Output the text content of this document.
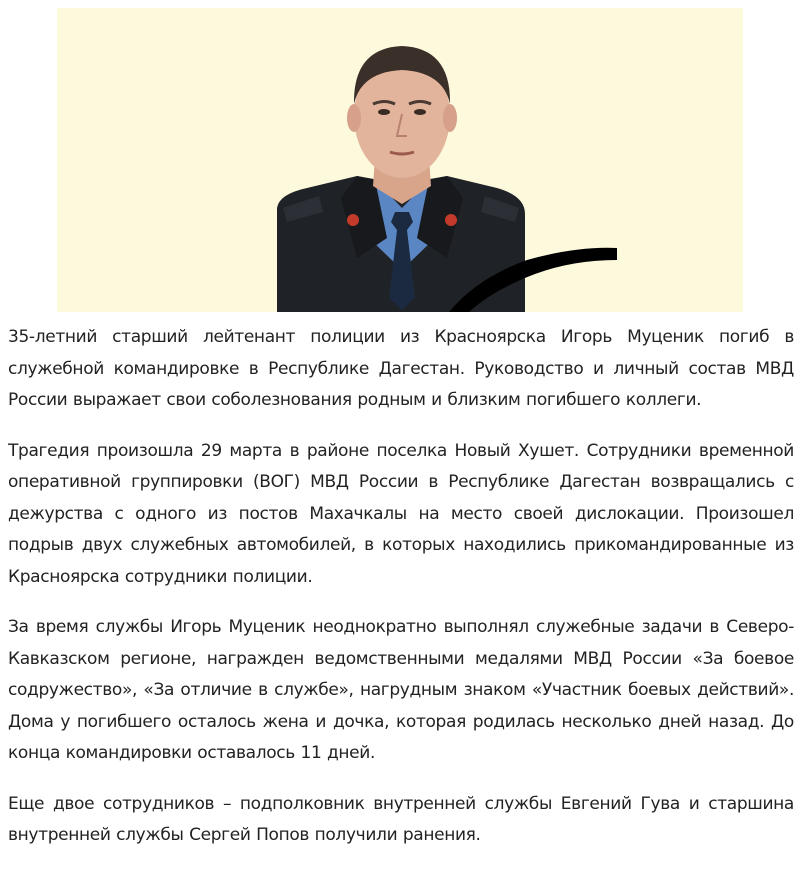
35-летний старший лейтенант полиции из Красноярска Игорь Муценик погиб в служебной командировке в Республике Дагестан. Руководство и личный состав МВД России выражает свои соболезнования родным и близким погибшего коллеги.

Трагедия произошла 29 марта в районе поселка Новый Хушет. Сотрудники временной оперативной группировки (ВОГ) МВД России в Республике Дагестан возвращались с дежурства с одного из постов Махачкалы на место своей дислокации. Произошел подрыв двух служебных автомобилей, в которых находились прикомандированные из Красноярска сотрудники полиции.

За время службы Игорь Муценик неоднократно выполнял служебные задачи в Северо-Кавказском регионе, награжден ведомственными медалями МВД России «За боевое содружество», «За отличие в службе», нагрудным знаком «Участник боевых действий». Дома у погибшего осталось жена и дочка, которая родилась несколько дней назад. До конца командировки оставалось 11 дней.

Еще двое сотрудников – подполковник внутренней службы Евгений Гува и старшина внутренней службы Сергей Попов получили ранения.
